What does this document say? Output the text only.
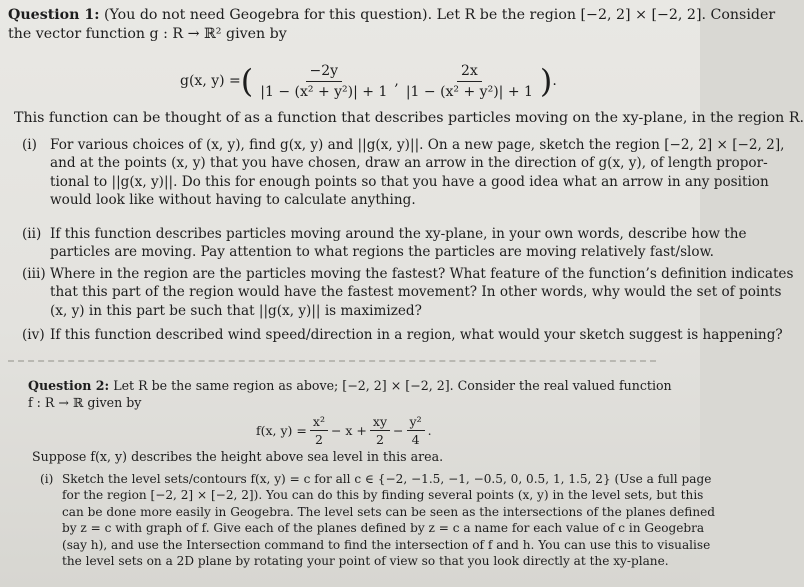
Question 1: (You do not need Geogebra for this question). Let R be the region [−2, 2] × [−2, 2]. Consider
the vector function g : R → ℝ² given by
g(x, y) = ( $\frac{-2y}{\text{|1 − (x² + y²)| + 1}}$ , $\frac{2x}{\text{|1 − (x² + y²)| + 1}}$ ) .
This function can be thought of as a function that describes particles moving on the xy-plane, in the region R.
(i) For various choices of (x, y), find g(x, y) and ||g(x, y)||. On a new page, sketch the region [−2, 2] × [−2, 2],
and at the points (x, y) that you have chosen, draw an arrow in the direction of g(x, y), of length propor-
tional to ||g(x, y)||. Do this for enough points so that you have a good idea what an arrow in any position
would look like without having to calculate anything.
(ii) If this function describes particles moving around the xy-plane, in your own words, describe how the
particles are moving. Pay attention to what regions the particles are moving relatively fast/slow.
(iii) Where in the region are the particles moving the fastest? What feature of the function’s definition indicates
that this part of the region would have the fastest movement? In other words, why would the set of points
(x, y) in this part be such that ||g(x, y)|| is maximized?
(iv) If this function described wind speed/direction in a region, what would your sketch suggest is happening?
Question 2: Let R be the same region as above; [−2, 2] × [−2, 2]. Consider the real valued function
f : R → ℝ given by
f(x, $y) = \frac{\text{x²}}{2} - x + \frac{xy}{2} - \frac{\text{y²}}{4}$ .
Suppose f(x, y) describes the height above sea level in this area.
(i) Sketch the level sets/contours f(x, y) = c for all c ∈ {−2, −1.5, −1, −0.5, 0, 0.5, 1, 1.5, 2} (Use a full page
for the region [−2, 2] × [−2, 2]). You can do this by finding several points (x, y) in the level sets, but this
can be done more easily in Geogebra. The level sets can be seen as the intersections of the planes defined
by z = c with graph of f. Give each of the planes defined by z = c a name for each value of c in Geogebra
(say h), and use the Intersection command to find the intersection of f and h. You can use this to visualise
the level sets on a 2D plane by rotating your point of view so that you look directly at the xy-plane.
